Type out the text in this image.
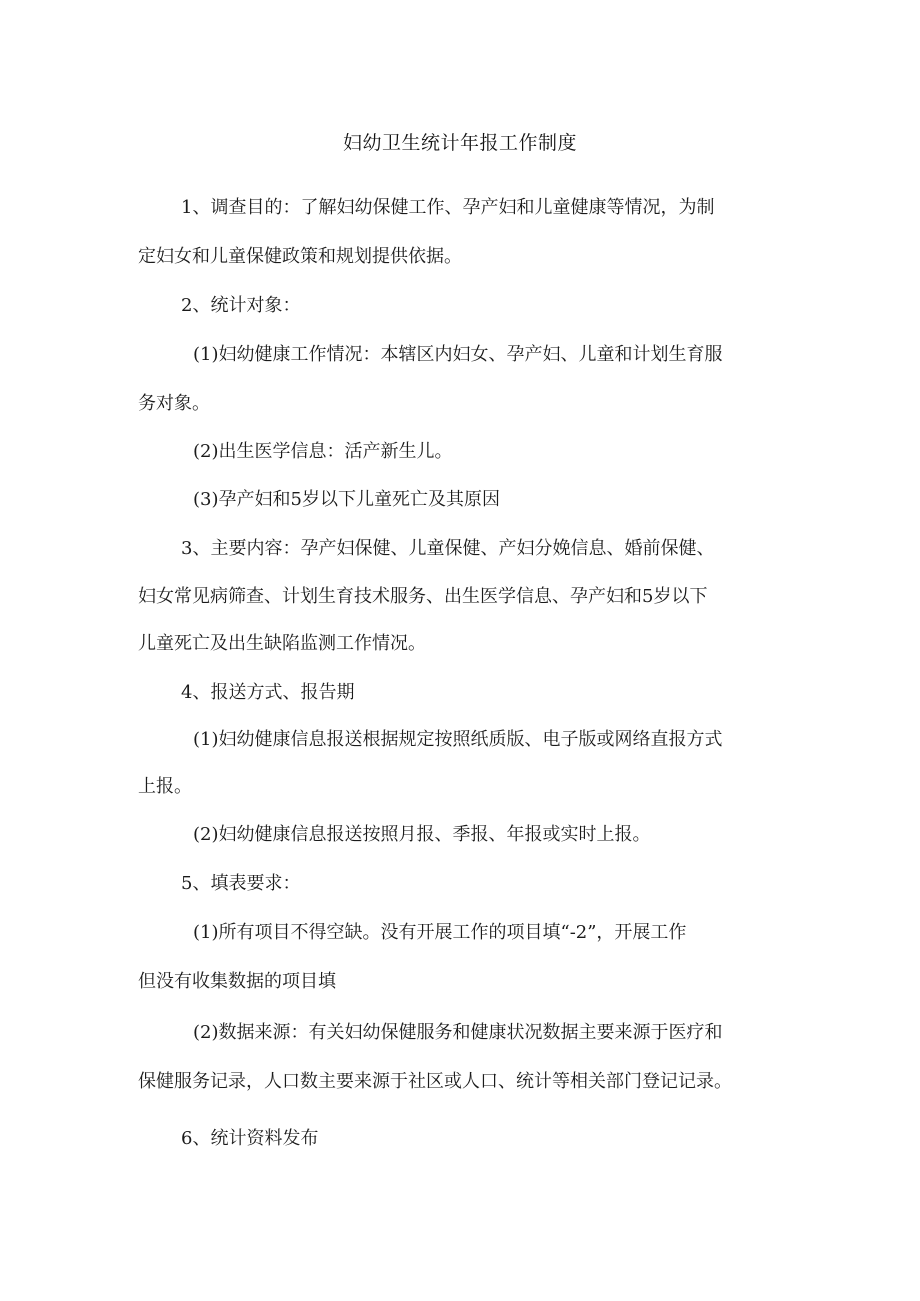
妇幼卫生统计年报工作制度

1、调查目的：了解妇幼保健工作、孕产妇和儿童健康等情况，为制

定妇女和儿童保健政策和规划提供依据。

2、统计对象：

(1)妇幼健康工作情况：本辖区内妇女、孕产妇、儿童和计划生育服

务对象。

(2)出生医学信息：活产新生儿。

(3)孕产妇和5岁以下儿童死亡及其原因

3、主要内容：孕产妇保健、儿童保健、产妇分娩信息、婚前保健、

妇女常见病筛查、计划生育技术服务、出生医学信息、孕产妇和5岁以下

儿童死亡及出生缺陷监测工作情况。

4、报送方式、报告期

(1)妇幼健康信息报送根据规定按照纸质版、电子版或网络直报方式

上报。

(2)妇幼健康信息报送按照月报、季报、年报或实时上报。

5、填表要求：

(1)所有项目不得空缺。没有开展工作的项目填“-2”，开展工作

但没有收集数据的项目填

(2)数据来源：有关妇幼保健服务和健康状况数据主要来源于医疗和

保健服务记录，人口数主要来源于社区或人口、统计等相关部门登记记录。

6、统计资料发布
